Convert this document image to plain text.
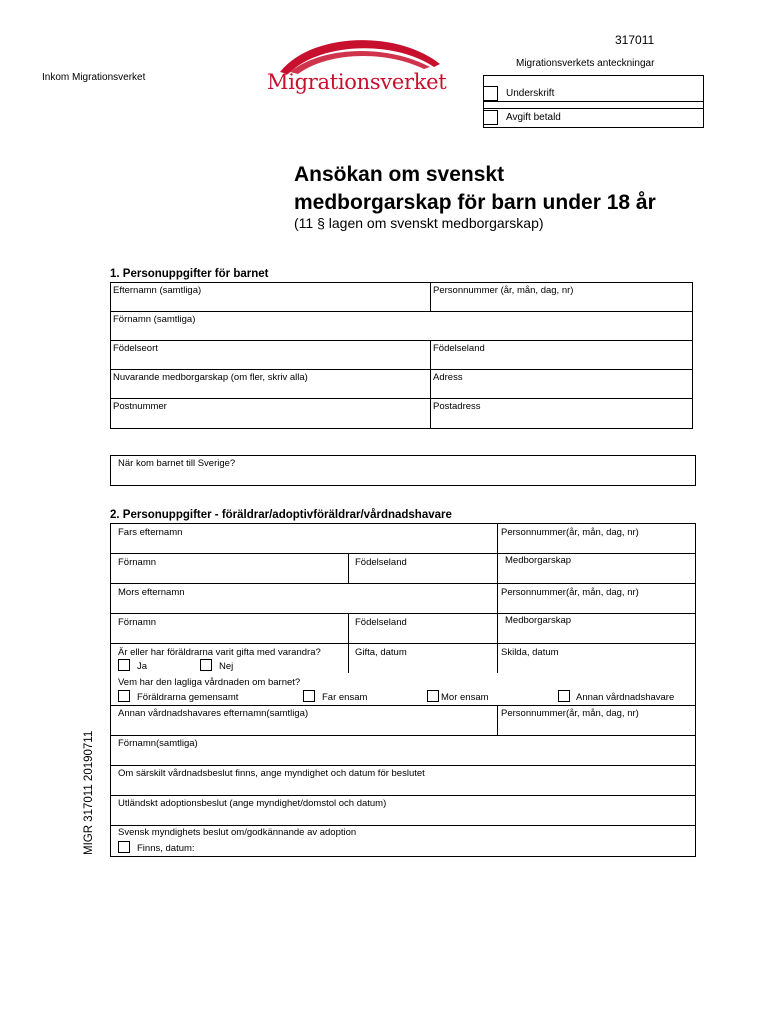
317011
Migrationsverkets anteckningar
Inkom Migrationsverket	Migrationsverket	Underskrift
Avgift betald
Ansökan om svenskt
medborgarskap för barn under 18 år
(11 § lagen om svenskt medborgarskap)
1. Personuppgifter för barnet
Efternamn (samtliga)	Personnummer (år, mån, dag, nr)
Förnamn (samtliga)
Födelseort	Födelseland
Nuvarande medborgarskap (om fler, skriv alla)	Adress
Postnummer	Postadress
När kom barnet till Sverige?
2. Personuppgifter - föräldrar/adoptivföräldrar/vårdnadshavare
Fars efternamn	Personnummer(år, mån, dag, nr)
Förnamn	Födelseland	Medborgarskap
Mors efternamn	Personnummer(år, mån, dag, nr)
Förnamn	Födelseland	Medborgarskap
Är eller har föräldrarna varit gifta med varandra?
Ja	Nej
Gifta, datum	Skilda, datum
Vem har den lagliga vårdnaden om barnet?
Föräldrarna gemensamt	Far ensam	Mor ensam	Annan vårdnadshavare
Annan vårdnadshavares efternamn(samtliga)	Personnummer(år, mån, dag, nr)
Förnamn(samtliga)
Om särskilt vårdnadsbeslut finns, ange myndighet och datum för beslutet
Utländskt adoptionsbeslut (ange myndighet/domstol och datum)
Svensk myndighets beslut om/godkännande av adoption
Finns, datum:
MIGR 317011 20190711
